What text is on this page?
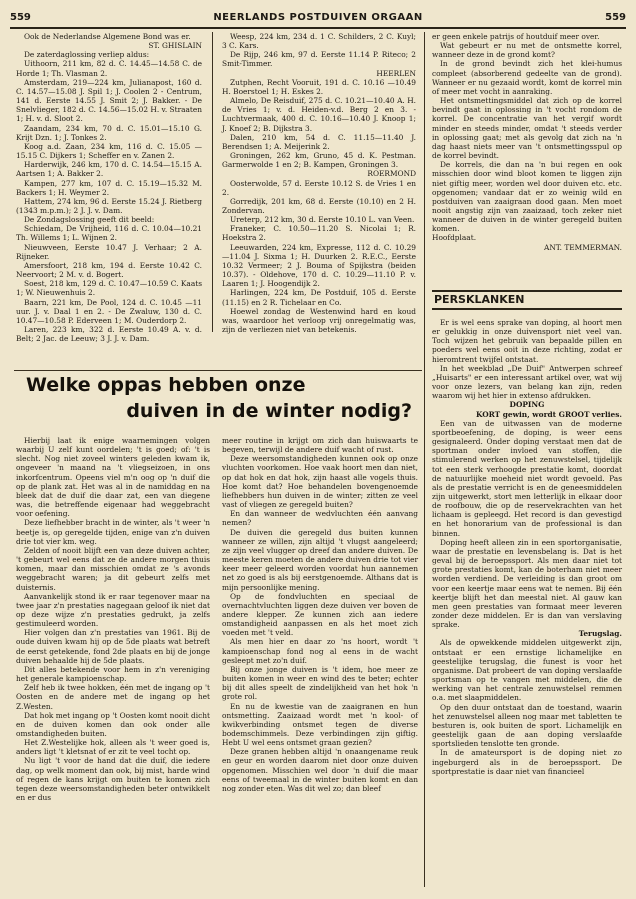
559	NEERLANDS POSTDUIVEN ORGAAN	559

Ook de Nederlandse Algemene Bond was er.

ST. GHISLAIN

De zaterdaglossing verliep aldus:

Uithoorn, 211 km, 82 d. C. 14.45—14.58 C. de Horde 1; Th. Vlasman 2.

Amsterdam, 219—224 km, Julianapost, 160 d. C. 14.57—15.08 J. Spil 1; J. Coolen 2 - Centrum, 141 d. Eerste 14.55 J. Smit 2; J. Bakker. - De Snelvlieger, 182 d. C. 14.56—15.02 H. v. Straaten 1; H. v. d. Sloot 2.

Zaandam, 234 km, 70 d. C. 15.01—15.10 G. Krijt Dzn. 1; J. Tonkes 2.

Koog a.d. Zaan, 234 km, 116 d. C. 15.05 —15.15 C. Dijkers 1; Scheffer en v. Zanen 2.

Harderwijk, 246 km, 170 d. C. 14.54—15.15 A. Aartsen 1; A. Bakker 2.

Kampen, 277 km, 107 d. C. 15.19—15.32 M. Backers 1; H. Weymer 2.

Hattem, 274 km, 96 d. Eerste 15.24 J. Rietberg (1343 m.p.m.); 2 J. J. v. Dam.

De Zondagslossing geeft dit beeld:

Schiedam, De Vrijheid, 116 d. C. 10.04—10.21 Th. Willems 1; L. Wijnen 2.

Nieuwveen, Eerste 10.47 J. Verhaar; 2 A. Rijneker.

Amersfoort, 218 km, 194 d. Eerste 10.42 C. Neervoort; 2 M. v. d. Bogert.

Soest, 218 km, 129 d. C. 10.47—10.59 C. Kaats 1; W. Nieuwenhuis 2.

Baarn, 221 km, De Pool, 124 d. C. 10.45 —11 uur. J. v. Daal 1 en 2. - De Zwaluw, 130 d. C. 10.47—10.58 P. Ederveen 1; M. Ouderdorp 2.

Laren, 223 km, 322 d. Eerste 10.49 A. v. d. Belt; 2 Jac. de Leeuw; 3 J. J. v. Dam.

Weesp, 224 km, 234 d. 1 C. Schilders, 2 C. Kuyl; 3 C. Kars.

De Rijp, 246 km, 97 d. Eerste 11.14 P. Riteco; 2 Smit-Timmer.

HEERLEN

Zutphen, Recht Vooruit, 191 d. C. 10.16 —10.49 H. Boerstoel 1; H. Eskes 2.

Almelo, De Reisduif, 275 d. C. 10.21—10.40 A. H. de Vries 1; v. d. Heiden-v.d. Berg 2 en 3. - Luchtvermaak, 400 d. C. 10.16—10.40 J. Knoop 1; J. Knoef 2; B. Dijkstra 3.

Dalen, 210 km, 54 d. C. 11.15—11.40 J. Berendsen 1; A. Meijerink 2.

Groningen, 262 km, Gruno, 45 d. K. Pestman. Garmerwolde 1 en 2; B. Kampen, Groningen 3.

ROERMOND

Oosterwolde, 57 d. Eerste 10.12 S. de Vries 1 en 2.

Gorredijk, 201 km, 68 d. Eerste (10.10) en 2 H. Zondervan.

Ureterp, 212 km, 30 d. Eerste 10.10 L. van Veen.

Franeker, C. 10.50—11.20 S. Nicolai 1; R. Hoekstra 2.

Leeuwarden, 224 km, Expresse, 112 d. C. 10.29—11.04 J. Sixma 1; H. Duurken 2. R.E.C., Eerste 10.32 Vermeer; 2 J. Bouma of Spijkstra (beiden 10.37). - Oldehove, 170 d. C. 10.29—11.10 P. v. Laaren 1; J. Hoogendijk 2.

Harlingen, 224 km, De Postduif, 105 d. Eerste (11.15) en 2 R. Tichelaar en Co.

Hoewel zondag de Westenwind hard en koud was, waardoor het verloop vrij onregelmatig was, zijn de verliezen niet van betekenis.

er geen enkele patrijs of houtduif meer over.

Wat gebeurt er nu met de ontsmette korrel, wanneer deze in de grond komt?

In de grond bevindt zich het klei-humus compleet (absorberend gedeelte van de grond). Wanneer er nu gezaaid wordt, komt de korrel min of meer met vocht in aanraking.

Het ontsmettingsmiddel dat zich op de korrel bevindt gaat in oplossing in 't vocht rondom de korrel. De concentratie van het vergif wordt minder en steeds minder, omdat 't steeds verder in oplossing gaat; met als gevolg dat zich na 'n dag haast niets meer van 't ontsmettingsspul op de korrel bevindt.

De korrels, die dan na 'n bui regen en ook misschien door wind bloot komen te liggen zijn niet giftig meer, worden wel door duiven etc. etc. opgenomen; vandaar dat er zo weinig wild en postduiven van zaaigraan dood gaan. Men moet nooit angstig zijn van zaaizaad, toch zeker niet wanneer de duiven in de winter geregeld buiten komen.

Hoofdplaat.

ANT. TEMMERMAN.

Welke oppas hebben onze
duiven in de winter nodig?

Hierbij laat ik enige waarnemingen volgen waarbij U zelf kunt oordelen; 't is goed; of: 't is slecht. Nog niet zoveel winters geleden kwam ik, ongeveer 'n maand na 't vliegseizoen, in ons inkorfcentrum. Opeens viel m'n oog op 'n duif die op de plank zat. Het was al in de namiddag en na bleek dat de duif die daar zat, een van diegene was, die betreffende eigenaar had weggebracht voor oefening.

Deze liefhebber bracht in de winter, als 't weer 'n beetje is, op geregelde tijden, enige van z'n duiven drie tot vier km. weg.

Zelden of nooit blijft een van deze duiven achter, 't gebeurt wel eens dat ze de andere morgen thuis komen, maar dan misschien omdat ze 's avonds weggebracht waren; ja dit gebeurt zelfs met duisternis.

Aanvankelijk stond ik er raar tegenover maar na twee jaar z'n prestaties nagegaan geloof ik niet dat op deze wijze z'n prestaties gedrukt, ja zelfs gestimuleerd worden.

Hier volgen dan z'n prestaties van 1961. Bij de oude duiven kwam hij op de 5de plaats wat betreft de eerst getekende, fond 2de plaats en bij de jonge duiven behaalde hij de 5de plaats.

Dit alles betekende voor hem in z'n vereniging het generale kampioenschap.

Zelf heb ik twee hokken, één met de ingang op 't Oosten en de andere met de ingang op het Z.Westen.

Dat hok met ingang op 't Oosten komt nooit dicht en de duiven komen dan ook onder alle omstandigheden buiten.

Het Z.Westelijke hok, alleen als 't weer goed is, anders ligt 't kletsnat of er zit te veel tocht op.

Nu ligt 't voor de hand dat die duif, die iedere dag, op welk moment dan ook, bij mist, harde wind of regen de kans krijgt om buiten te komen zich tegen deze weersomstandigheden beter ontwikkelt en er dus

meer routine in krijgt om zich dan huiswaarts te begeven, terwijl de andere duif wacht of rust.

Deze weersomstandigheden kunnen ook op onze vluchten voorkomen. Hoe vaak hoort men dan niet, op dat hok en dat hok, zijn haast alle vogels thuis. Hoe komt dat? Hoe behandelen bovengenoemde liefhebbers hun duiven in de winter; zitten ze veel vast of vliegen ze geregeld buiten?

En dan wanneer de wedvluchten één aanvang nemen?

De duiven die geregeld dus buiten kunnen wanneer ze willen, zijn altijd 't vlugst aangeleerd; ze zijn veel vlugger op dreef dan andere duiven. De meeste keren moeten de andere duiven drie tot vier keer meer geleerd worden voordat hun aannemen net zo goed is als bij eerstgenoemde. Althans dat is mijn persoonlijke mening.

Op de fondvluchten en speciaal de overnachtvluchten liggen deze duiven ver boven de andere klepper. Ze kunnen zich aan iedere omstandigheid aanpassen en als het moet zich voeden met 't veld.

Als men hier en daar zo 'ns hoort, wordt 't kampioenschap fond nog al eens in de wacht gesleept met zo'n duif.

Bij onze jonge duiven is 't idem, hoe meer ze buiten komen in weer en wind des te beter; echter bij dit alles speelt de zindelijkheid van het hok 'n grote rol.

En nu de kwestie van de zaaigranen en hun ontsmetting. Zaaizaad wordt met 'n kool- of kwikverbinding ontsmet tegen de diverse bodemschimmels. Deze verbindingen zijn giftig. Hebt U wel eens ontsmet graan gezien?

Deze granen hebben altijd 'n onaangename reuk en geur en worden daarom niet door onze duiven opgenomen. Misschien wel door 'n duif die maar eens of tweemaal in de winter buiten komt en dan nog zonder eten. Was dit wel zo; dan bleef

PERSKLANKEN

Er is wel eens sprake van doping, al hoort men er gelukkig in onze duivensport niet veel van. Toch wijzen het gebruik van bepaalde pillen en poeders wel eens ooit in deze richting, zodat er hieromtrent twijfel ontstaat.

In het weekblad „De Duif" Antwerpen schreef „Huisarts" er een interessant artikel over, wat wij voor onze lezers, van belang kan zijn, reden waarom wij het hier in extenso afdrukken.

DOPING

KORT gewin, wordt GROOT verlies.

Een van de uitwassen van de moderne sportbeoefening, de doping, is weer eens gesignaleerd. Onder doping verstaat men dat de sportman onder invloed van stoffen, die stimulerend werken op het zenuwstelsel, tijdelijk tot een sterk verhoogde prestatie komt, doordat de natuurlijke moeheid niet wordt gevoeld. Pas als de prestatie verricht is en de geneesmiddelen zijn uitgewerkt, stort men letterlijk in elkaar door de roofbouw, die op de reservekrachten van het lichaam is gepleegd. Het record is dan gevestigd en het honorarium van de professional is dan binnen.

Doping heeft alleen zin in een sportorganisatie, waar de prestatie en levensbelang is. Dat is het geval bij de beroepssport. Als men daar niet tot grote prestaties komt, kan de boterham niet meer worden verdiend. De verleiding is dan groot om voor een keertje maar eens wat te nemen. Bij één keertje blijft het dan meestal niet. Al gauw kan men geen prestaties van formaat meer leveren zonder deze middelen. Er is dan van verslaving sprake.

Terugslag.

Als de opwekkende middelen uitgewerkt zijn, ontstaat er een ernstige lichamelijke en geestelijke terugslag, die funest is voor het organisme. Dat probeert de van doping verslaafde sportsman op te vangen met middelen, die de werking van het centrale zenuwstelsel remmen o.a. met slaapmiddelen.

Op den duur ontstaat dan de toestand, waarin het zenuwstelsel alleen nog maar met tabletten te besturen is, ook buiten de sport. Lichamelijk en geestelijk gaan de aan doping verslaafde sportslieden tenslotte ten gronde.

In de amateursport is de doping niet zo ingeburgerd als in de beroepssport. De sportprestatie is daar niet van financieel
